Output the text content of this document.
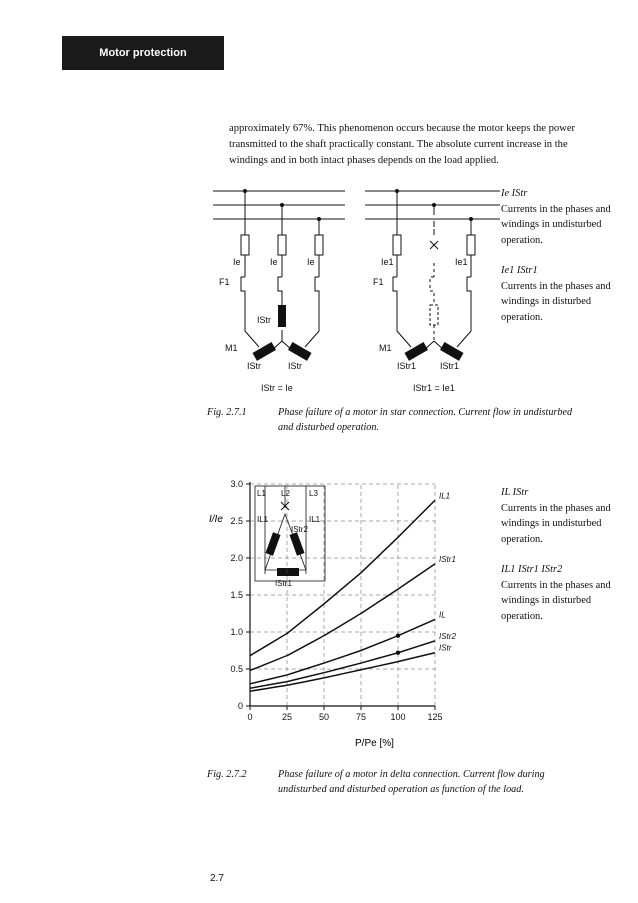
Motor protection
approximately 67%. This phenomenon occurs because the motor keeps the power transmitted to the shaft practically constant. The absolute current increase in the windings and in both intact phases depends on the load applied.
Ie	Ie	Ie
F1
IStr
M1
IStr	IStr
IStr = Ie
Ie1	Ie1
F1
M1
IStr1	IStr1
IStr1 = Ie1
Ie IStr
Currents in the phases and windings in undisturbed operation.
Ie1 IStr1
Currents in the phases and windings in disturbed operation.
Fig. 2.7.1	Phase failure of a motor in star connection. Current flow in undisturbed and disturbed operation.
L1 L2 L3
IL1	IL1
IStr2
IStr1
0	25	50	75	100 125
0
0.5
1.0
1.5
2.0
2.5
3.0
IL1
IStr1
IL
IStr2
IStr
I/Ie
P/Pe [%]
IL IStr
Currents in the phases and windings in undisturbed operation.
IL1 IStr1 IStr2
Currents in the phases and windings in disturbed operation.
Fig. 2.7.2	Phase failure of a motor in delta connection. Current flow during undisturbed and disturbed operation as function of the load.
2.7
